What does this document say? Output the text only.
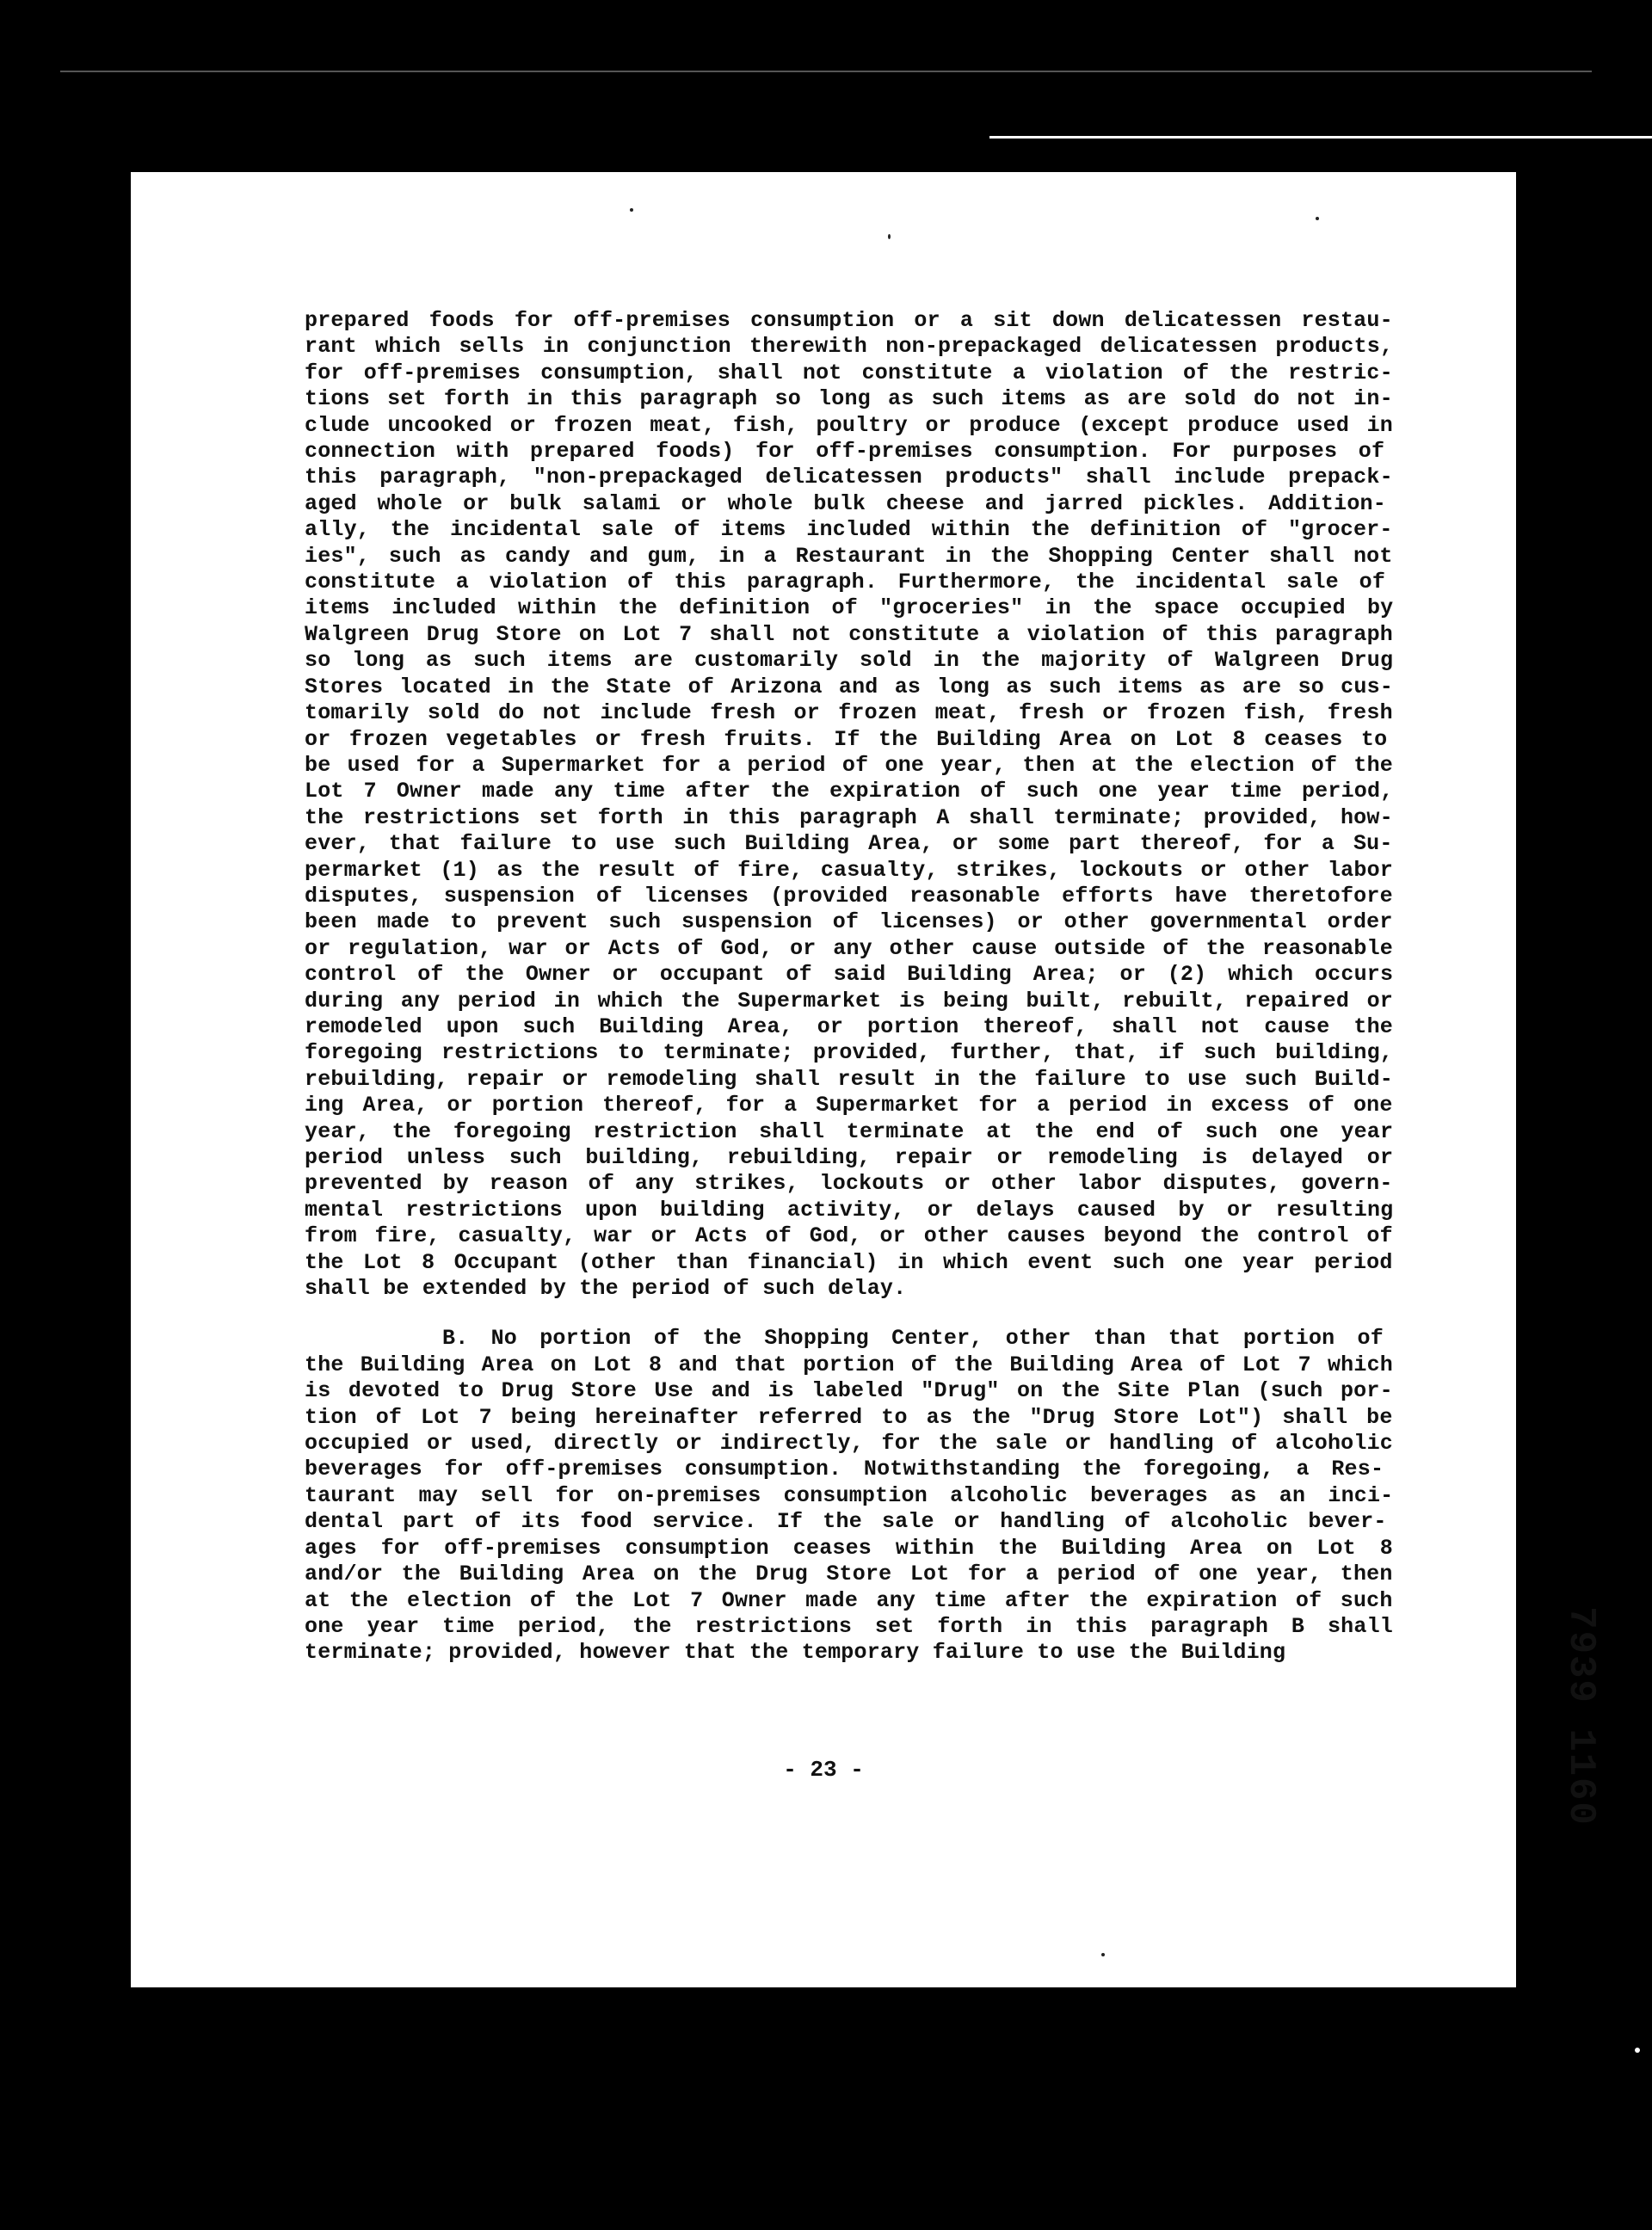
prepared foods for off-premises consumption or a sit down delicatessen restau-
rant which sells in conjunction therewith non-prepackaged delicatessen products,
for off-premises consumption, shall not constitute a violation of the restric-
tions set forth in this paragraph so long as such items as are sold do not in-
clude uncooked or frozen meat, fish, poultry or produce (except produce used in
connection with prepared foods) for off-premises consumption. For purposes of
this paragraph, "non-prepackaged delicatessen products" shall include prepack-
aged whole or bulk salami or whole bulk cheese and jarred pickles. Addition-
ally, the incidental sale of items included within the definition of "grocer-
ies", such as candy and gum, in a Restaurant in the Shopping Center shall not
constitute a violation of this paragraph. Furthermore, the incidental sale of
items included within the definition of "groceries" in the space occupied by
Walgreen Drug Store on Lot 7 shall not constitute a violation of this paragraph
so long as such items are customarily sold in the majority of Walgreen Drug
Stores located in the State of Arizona and as long as such items as are so cus-
tomarily sold do not include fresh or frozen meat, fresh or frozen fish, fresh
or frozen vegetables or fresh fruits. If the Building Area on Lot 8 ceases to
be used for a Supermarket for a period of one year, then at the election of the
Lot 7 Owner made any time after the expiration of such one year time period,
the restrictions set forth in this paragraph A shall terminate; provided, how-
ever, that failure to use such Building Area, or some part thereof, for a Su-
permarket (1) as the result of fire, casualty, strikes, lockouts or other labor
disputes, suspension of licenses (provided reasonable efforts have theretofore
been made to prevent such suspension of licenses) or other governmental order
or regulation, war or Acts of God, or any other cause outside of the reasonable
control of the Owner or occupant of said Building Area; or (2) which occurs
during any period in which the Supermarket is being built, rebuilt, repaired or
remodeled upon such Building Area, or portion thereof, shall not cause the
foregoing restrictions to terminate; provided, further, that, if such building,
rebuilding, repair or remodeling shall result in the failure to use such Build-
ing Area, or portion thereof, for a Supermarket for a period in excess of one
year, the foregoing restriction shall terminate at the end of such one year
period unless such building, rebuilding, repair or remodeling is delayed or
prevented by reason of any strikes, lockouts or other labor disputes, govern-
mental restrictions upon building activity, or delays caused by or resulting
from fire, casualty, war or Acts of God, or other causes beyond the control of
the Lot 8 Occupant (other than financial) in which event such one year period
shall be extended by the period of such delay.
B. No portion of the Shopping Center, other than that portion of
the Building Area on Lot 8 and that portion of the Building Area of Lot 7 which
is devoted to Drug Store Use and is labeled "Drug" on the Site Plan (such por-
tion of Lot 7 being hereinafter referred to as the "Drug Store Lot") shall be
occupied or used, directly or indirectly, for the sale or handling of alcoholic
beverages for off-premises consumption. Notwithstanding the foregoing, a Res-
taurant may sell for on-premises consumption alcoholic beverages as an inci-
dental part of its food service. If the sale or handling of alcoholic bever-
ages for off-premises consumption ceases within the Building Area on Lot 8
and/or the Building Area on the Drug Store Lot for a period of one year, then
at the election of the Lot 7 Owner made any time after the expiration of such
one year time period, the restrictions set forth in this paragraph B shall
terminate; provided, however that the temporary failure to use the Building	7939 1160
- 23 -
